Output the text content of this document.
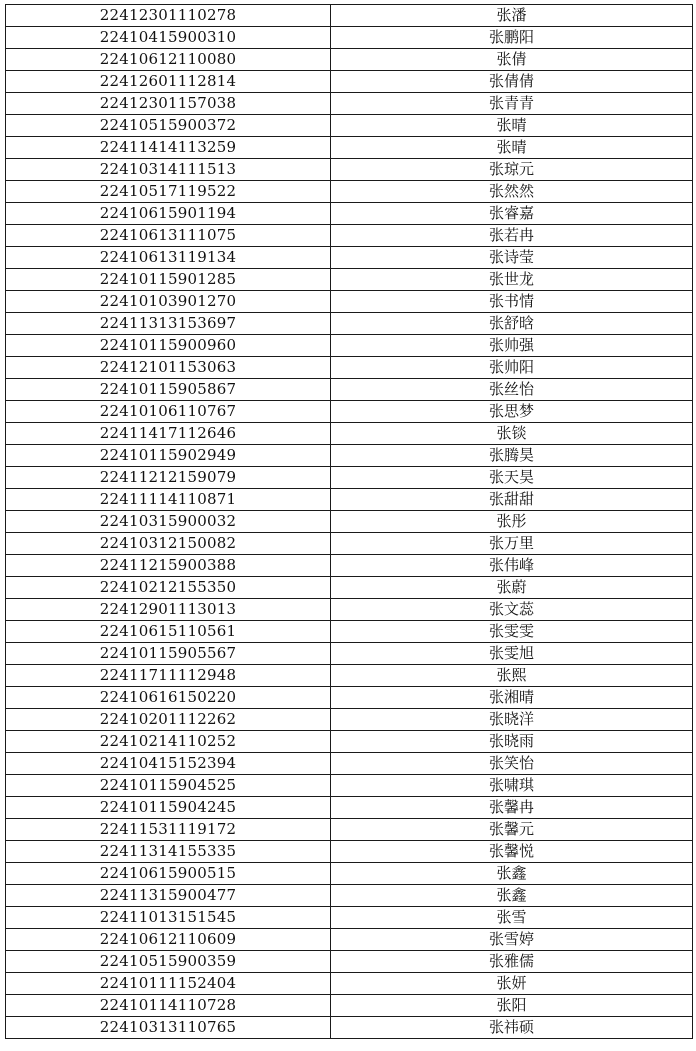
22412301110278	张潘
22410415900310	张鹏阳
22410612110080	张倩
22412601112814	张倩倩
22412301157038	张青青
22410515900372	张晴
22411414113259	张晴
22410314111513	张琼元
22410517119522	张然然
22410615901194	张睿嘉
22410613111075	张若冉
22410613119134	张诗莹
22410115901285	张世龙
22410103901270	张书情
22411313153697	张舒晗
22410115900960	张帅强
22412101153063	张帅阳
22410115905867	张丝怡
22410106110767	张思梦
22411417112646	张锬
22410115902949	张腾昊
22411212159079	张天昊
22411114110871	张甜甜
22410315900032	张彤
22410312150082	张万里
22411215900388	张伟峰
22410212155350	张蔚
22412901113013	张文蕊
22410615110561	张雯雯
22410115905567	张雯旭
22411711112948	张熙
22410616150220	张湘晴
22410201112262	张晓洋
22410214110252	张晓雨
22410415152394	张笑怡
22410115904525	张啸琪
22410115904245	张馨冉
22411531119172	张馨元
22411314155335	张馨悦
22410615900515	张鑫
22411315900477	张鑫
22411013151545	张雪
22410612110609	张雪婷
22410515900359	张雅儒
22410111152404	张妍
22410114110728	张阳
22410313110765	张祎硕
